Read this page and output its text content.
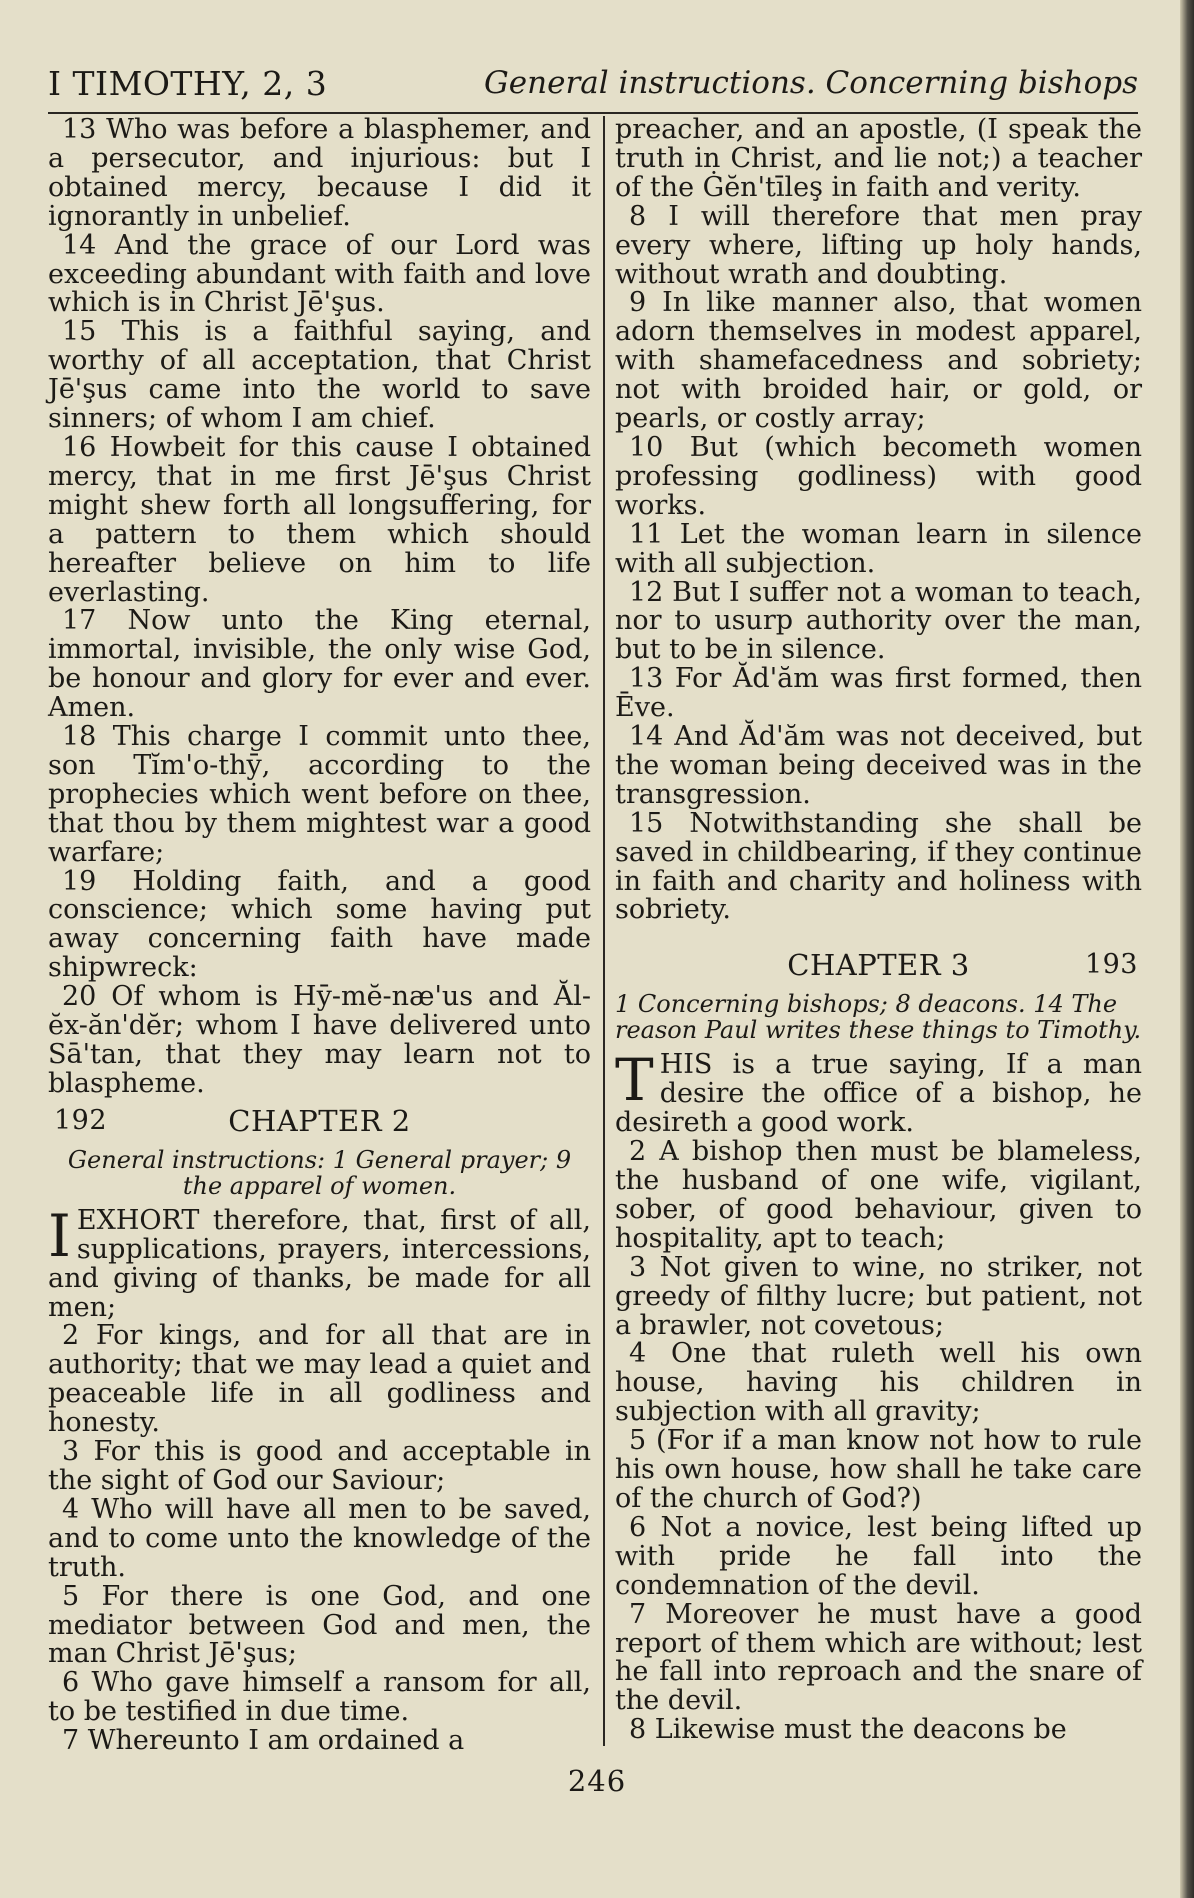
I TIMOTHY, 2, 3	General instructions. Concerning bishops

13 Who was before a blasphemer, and a persecutor, and injurious: but I obtained mercy, because I did it ignorantly in unbelief.

14 And the grace of our Lord was exceeding abundant with faith and love which is in Christ Jē'şus.

15 This is a faithful saying, and worthy of all acceptation, that Christ Jē'şus came into the world to save sinners; of whom I am chief.

16 Howbeit for this cause I obtained mercy, that in me first Jē'şus Christ might shew forth all longsuffering, for a pattern to them which should hereafter believe on him to life everlasting.

17 Now unto the King eternal, immortal, invisible, the only wise God, be honour and glory for ever and ever. Amen.

18 This charge I commit unto thee, son Tĭm'o-thȳ, according to the prophecies which went before on thee, that thou by them mightest war a good warfare;

19 Holding faith, and a good conscience; which some having put away concerning faith have made shipwreck:

20 Of whom is Hȳ-mĕ-næ'us and Ăl-ĕx-ăn'dĕr; whom I have delivered unto Sā'tan, that they may learn not to blaspheme.

192	CHAPTER 2

General instructions: 1 General prayer; 9 the apparel of women.

I EXHORT therefore, that, first of all, supplications, prayers, intercessions, and giving of thanks, be made for all men;

2 For kings, and for all that are in authority; that we may lead a quiet and peaceable life in all godliness and honesty.

3 For this is good and acceptable in the sight of God our Saviour;

4 Who will have all men to be saved, and to come unto the knowledge of the truth.

5 For there is one God, and one mediator between God and men, the man Christ Jē'şus;

6 Who gave himself a ransom for all, to be testified in due time.

7 Whereunto I am ordained a

preacher, and an apostle, (I speak the truth in Christ, and lie not;) a teacher of the Ġĕn'tīleş in faith and verity.

8 I will therefore that men pray every where, lifting up holy hands, without wrath and doubting.

9 In like manner also, that women adorn themselves in modest apparel, with shamefacedness and sobriety; not with broided hair, or gold, or pearls, or costly array;

10 But (which becometh women professing godliness) with good works.

11 Let the woman learn in silence with all subjection.

12 But I suffer not a woman to teach, nor to usurp authority over the man, but to be in silence.

13 For Ăd'ăm was first formed, then Ēve.

14 And Ăd'ăm was not deceived, but the woman being deceived was in the transgression.

15 Notwithstanding she shall be saved in childbearing, if they continue in faith and charity and holiness with sobriety.

CHAPTER 3	193

1 Concerning bishops; 8 deacons. 14 The reason Paul writes these things to Timothy.

THIS is a true saying, If a man desire the office of a bishop, he desireth a good work.

2 A bishop then must be blameless, the husband of one wife, vigilant, sober, of good behaviour, given to hospitality, apt to teach;

3 Not given to wine, no striker, not greedy of filthy lucre; but patient, not a brawler, not covetous;

4 One that ruleth well his own house, having his children in subjection with all gravity;

5 (For if a man know not how to rule his own house, how shall he take care of the church of God?)

6 Not a novice, lest being lifted up with pride he fall into the condemnation of the devil.

7 Moreover he must have a good report of them which are without; lest he fall into reproach and the snare of the devil.

8 Likewise must the deacons be

246
